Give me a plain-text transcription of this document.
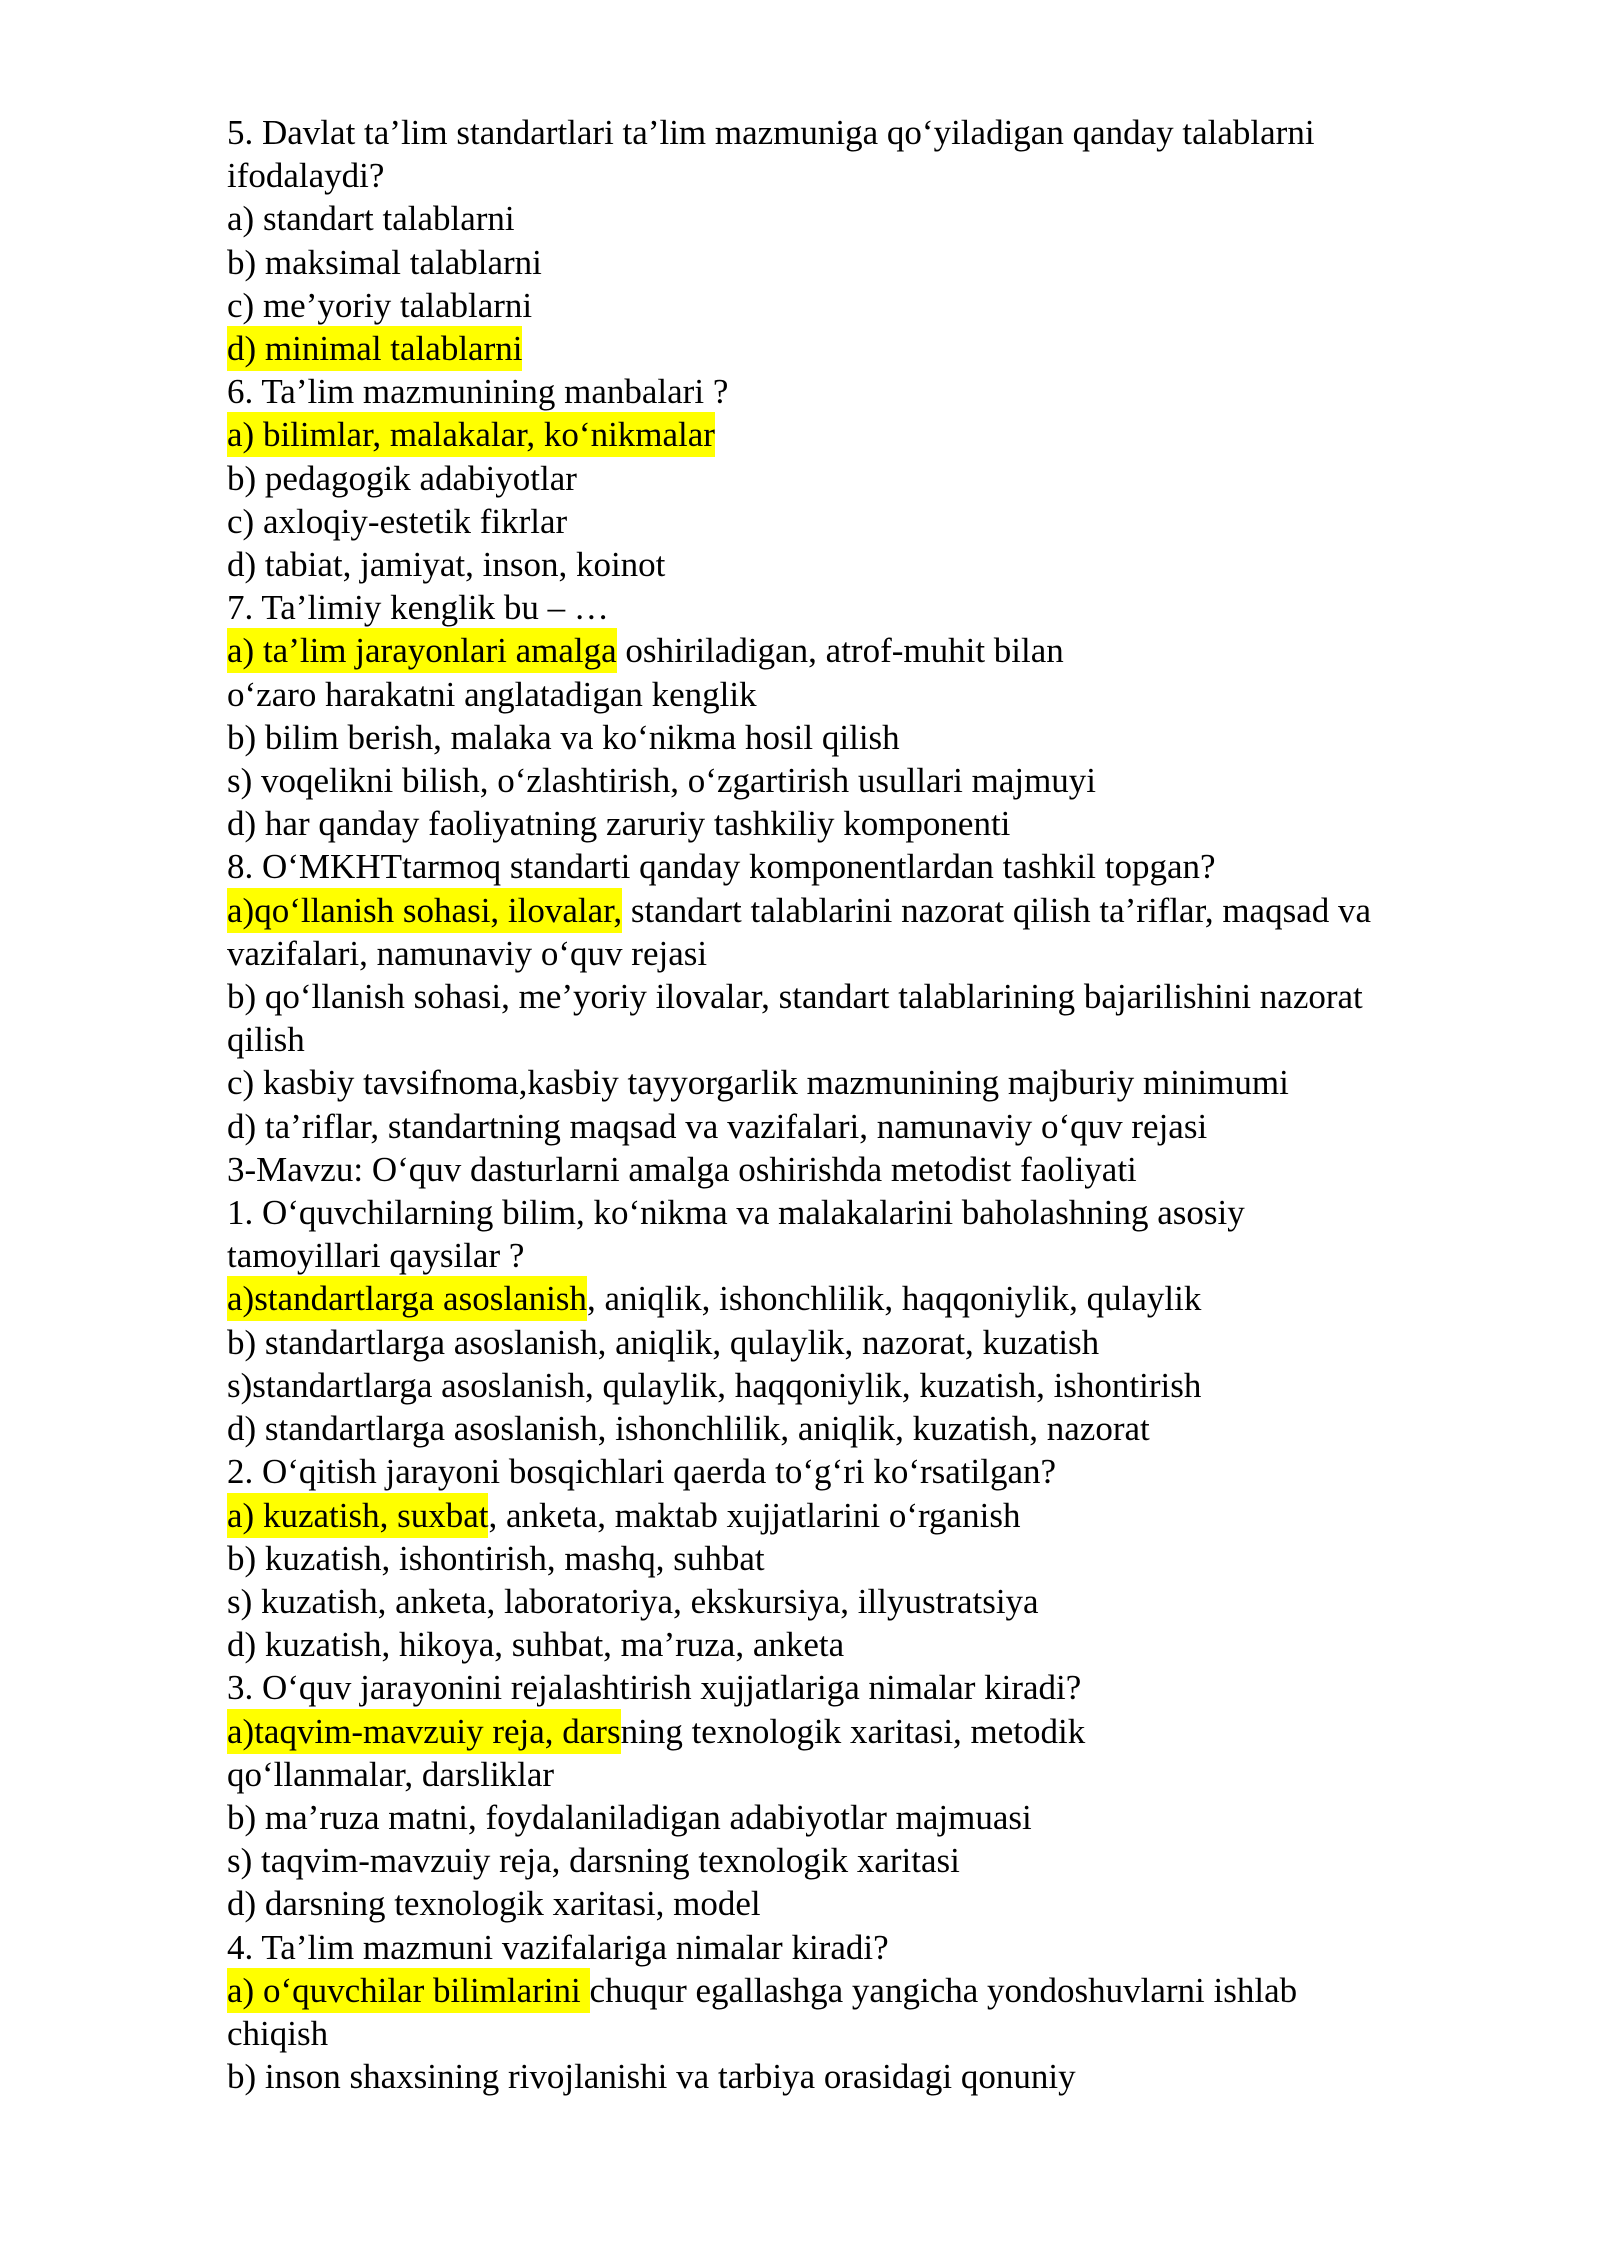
5. Davlat ta’lim standartlari ta’lim mazmuniga qo‘yiladigan qanday talablarni
ifodalaydi?
a) standart talablarni
b) maksimal talablarni
c) me’yoriy talablarni
d) minimal talablarni
6. Ta’lim mazmunining manbalari ?
a) bilimlar, malakalar, ko‘nikmalar
b) pedagogik adabiyotlar
c) axloqiy-estetik fikrlar
d) tabiat, jamiyat, inson, koinot
7. Ta’limiy kenglik bu – …
a) ta’lim jarayonlari amalga oshiriladigan, atrof-muhit bilan
o‘zaro harakatni anglatadigan kenglik
b) bilim berish, malaka va ko‘nikma hosil qilish
s) voqelikni bilish, o‘zlashtirish, o‘zgartirish usullari majmuyi
d) har qanday faoliyatning zaruriy tashkiliy komponenti
8. O‘MKHTtarmoq standarti qanday komponentlardan tashkil topgan?
a)qo‘llanish sohasi, ilovalar, standart talablarini nazorat qilish ta’riflar, maqsad va
vazifalari, namunaviy o‘quv rejasi
b) qo‘llanish sohasi, me’yoriy ilovalar, standart talablarining bajarilishini nazorat
qilish
c) kasbiy tavsifnoma,kasbiy tayyorgarlik mazmunining majburiy minimumi
d) ta’riflar, standartning maqsad va vazifalari, namunaviy o‘quv rejasi
3-Mavzu: O‘quv dasturlarni amalga oshirishda metodist faoliyati
1. O‘quvchilarning bilim, ko‘nikma va malakalarini baholashning asosiy
tamoyillari qaysilar ?
a)standartlarga asoslanish, aniqlik, ishonchlilik, haqqoniylik, qulaylik
b) standartlarga asoslanish, aniqlik, qulaylik, nazorat, kuzatish
s)standartlarga asoslanish, qulaylik, haqqoniylik, kuzatish, ishontirish
d) standartlarga asoslanish, ishonchlilik, aniqlik, kuzatish, nazorat
2. O‘qitish jarayoni bosqichlari qaerda to‘g‘ri ko‘rsatilgan?
a) kuzatish, suxbat, anketa, maktab xujjatlarini o‘rganish
b) kuzatish, ishontirish, mashq, suhbat
s) kuzatish, anketa, laboratoriya, ekskursiya, illyustratsiya
d) kuzatish, hikoya, suhbat, ma’ruza, anketa
3. O‘quv jarayonini rejalashtirish xujjatlariga nimalar kiradi?
a)taqvim-mavzuiy reja, darsning texnologik xaritasi, metodik
qo‘llanmalar, darsliklar
b) ma’ruza matni, foydalaniladigan adabiyotlar majmuasi
s) taqvim-mavzuiy reja, darsning texnologik xaritasi
d) darsning texnologik xaritasi, model
4. Ta’lim mazmuni vazifalariga nimalar kiradi?
a) o‘quvchilar bilimlarini chuqur egallashga yangicha yondoshuvlarni ishlab
chiqish
b) inson shaxsining rivojlanishi va tarbiya orasidagi qonuniy
